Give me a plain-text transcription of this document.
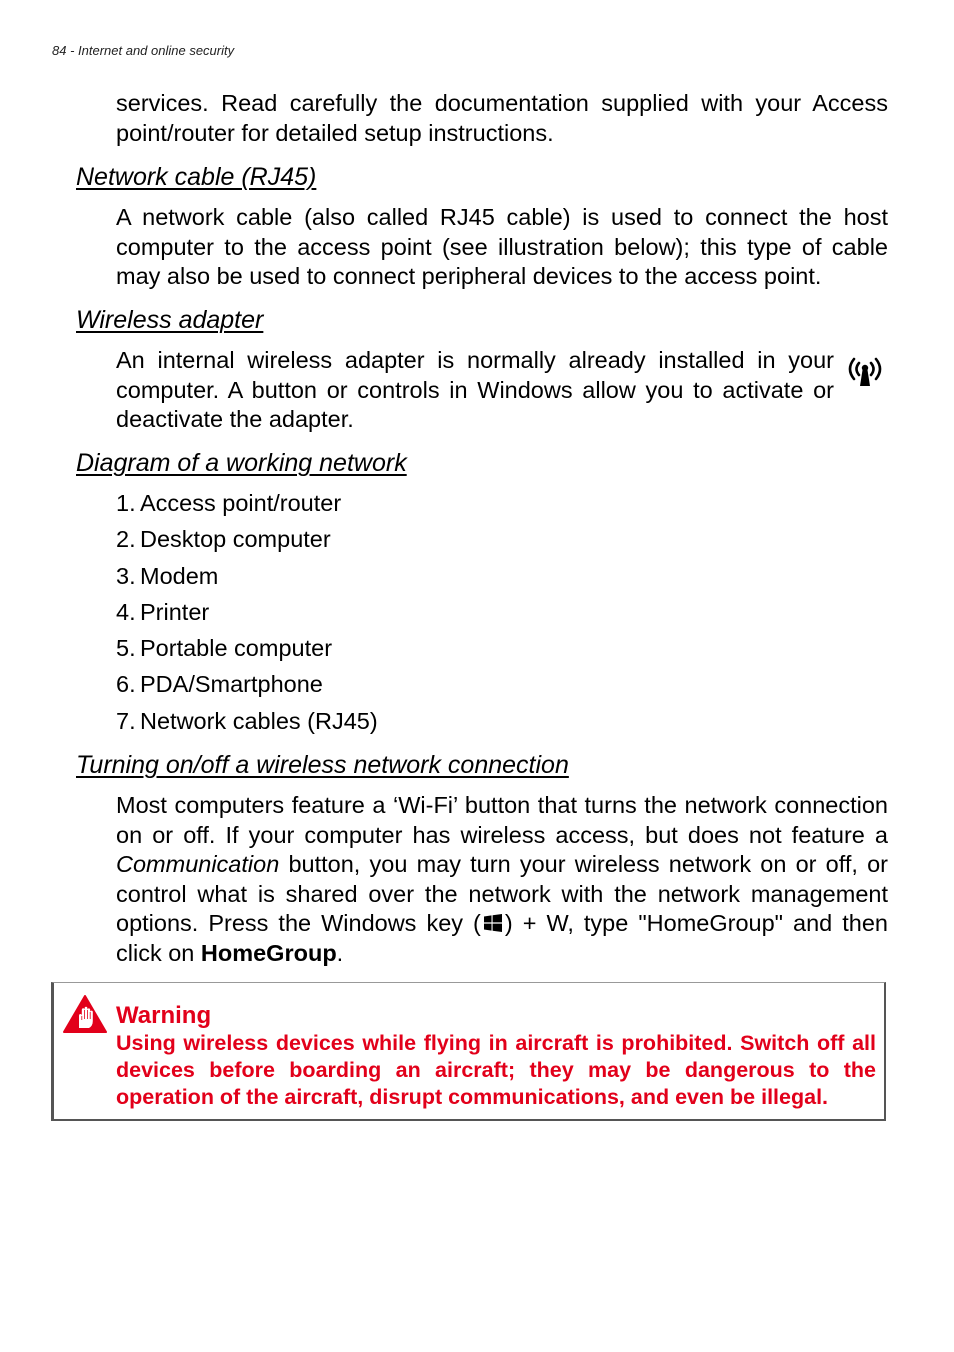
84 - Internet and online security

services. Read carefully the documentation supplied with your Access point/router for detailed setup instructions.

Network cable (RJ45)

A network cable (also called RJ45 cable) is used to connect the host computer to the access point (see illustration below); this type of cable may also be used to connect peripheral devices to the access point.

Wireless adapter

An internal wireless adapter is normally already installed in your computer. A button or controls in Windows allow you to activate or deactivate the adapter.

Diagram of a working network
1. Access point/router
2. Desktop computer
3. Modem
4. Printer
5. Portable computer
6. PDA/Smartphone
7. Network cables (RJ45)
Turning on/off a wireless network connection

Most computers feature a ‘Wi-Fi’ button that turns the network connection on or off. If your computer has wireless access, but does not feature a Communication button, you may turn your wireless network on or off, or control what is shared over the network with the network management options. Press the Windows key ( ) + W, type "HomeGroup" and then click on HomeGroup.

Warning

Using wireless devices while flying in aircraft is prohibited. Switch off all devices before boarding an aircraft; they may be dangerous to the operation of the aircraft, disrupt communications, and even be illegal.
